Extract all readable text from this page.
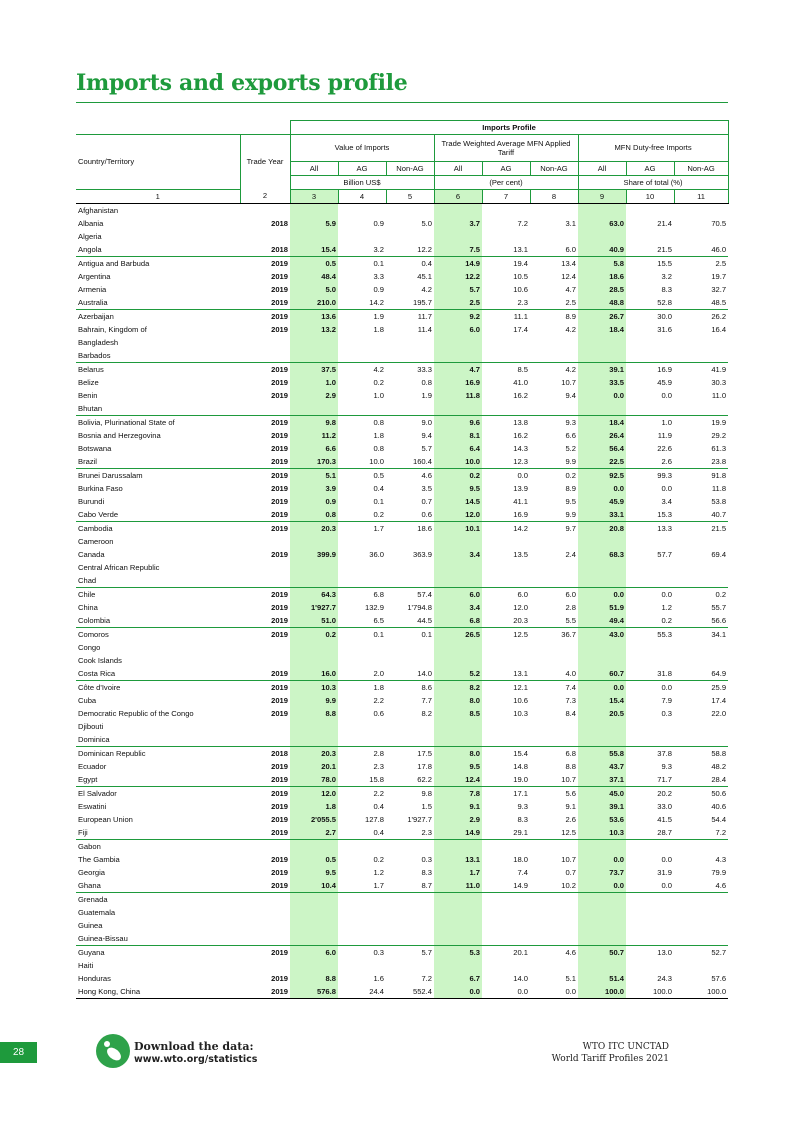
Imports and exports profile
		Imports Profile								
Country/Territory	Trade Year	Value of Imports			Trade Weighted Average MFN Applied Tariff			MFN Duty-free Imports		
		All	AG	Non-AG	All	AG	Non-AG	All	AG	Non-AG
		Billion US$			(Per cent)			Share of total (%)		
1	2	3	4	5	6	7	8	9	10	11
Afghanistan										
Albania	2018	5.9	0.9	5.0	3.7	7.2	3.1	63.0	21.4	70.5
Algeria										
Angola	2018	15.4	3.2	12.2	7.5	13.1	6.0	40.9	21.5	46.0
Antigua and Barbuda	2019	0.5	0.1	0.4	14.9	19.4	13.4	5.8	15.5	2.5
Argentina	2019	48.4	3.3	45.1	12.2	10.5	12.4	18.6	3.2	19.7
Armenia	2019	5.0	0.9	4.2	5.7	10.6	4.7	28.5	8.3	32.7
Australia	2019	210.0	14.2	195.7	2.5	2.3	2.5	48.8	52.8	48.5
Azerbaijan	2019	13.6	1.9	11.7	9.2	11.1	8.9	26.7	30.0	26.2
Bahrain, Kingdom of	2019	13.2	1.8	11.4	6.0	17.4	4.2	18.4	31.6	16.4
Bangladesh										
Barbados										
Belarus	2019	37.5	4.2	33.3	4.7	8.5	4.2	39.1	16.9	41.9
Belize	2019	1.0	0.2	0.8	16.9	41.0	10.7	33.5	45.9	30.3
Benin	2019	2.9	1.0	1.9	11.8	16.2	9.4	0.0	0.0	11.0
Bhutan										
Bolivia, Plurinational State of	2019	9.8	0.8	9.0	9.6	13.8	9.3	18.4	1.0	19.9
Bosnia and Herzegovina	2019	11.2	1.8	9.4	8.1	16.2	6.6	26.4	11.9	29.2
Botswana	2019	6.6	0.8	5.7	6.4	14.3	5.2	56.4	22.6	61.3
Brazil	2019	170.3	10.0	160.4	10.0	12.3	9.9	22.5	2.6	23.8
Brunei Darussalam	2019	5.1	0.5	4.6	0.2	0.0	0.2	92.5	99.3	91.8
Burkina Faso	2019	3.9	0.4	3.5	9.5	13.9	8.9	0.0	0.0	11.8
Burundi	2019	0.9	0.1	0.7	14.5	41.1	9.5	45.9	3.4	53.8
Cabo Verde	2019	0.8	0.2	0.6	12.0	16.9	9.9	33.1	15.3	40.7
Cambodia	2019	20.3	1.7	18.6	10.1	14.2	9.7	20.8	13.3	21.5
Cameroon										
Canada	2019	399.9	36.0	363.9	3.4	13.5	2.4	68.3	57.7	69.4
Central African Republic										
Chad										
Chile	2019	64.3	6.8	57.4	6.0	6.0	6.0	0.0	0.0	0.2
China	2019	1'927.7	132.9	1'794.8	3.4	12.0	2.8	51.9	1.2	55.7
Colombia	2019	51.0	6.5	44.5	6.8	20.3	5.5	49.4	0.2	56.6
Comoros	2019	0.2	0.1	0.1	26.5	12.5	36.7	43.0	55.3	34.1
Congo										
Cook Islands										
Costa Rica	2019	16.0	2.0	14.0	5.2	13.1	4.0	60.7	31.8	64.9
Côte d'Ivoire	2019	10.3	1.8	8.6	8.2	12.1	7.4	0.0	0.0	25.9
Cuba	2019	9.9	2.2	7.7	8.0	10.6	7.3	15.4	7.9	17.4
Democratic Republic of the Congo	2019	8.8	0.6	8.2	8.5	10.3	8.4	20.5	0.3	22.0
Djibouti										
Dominica										
Dominican Republic	2018	20.3	2.8	17.5	8.0	15.4	6.8	55.8	37.8	58.8
Ecuador	2019	20.1	2.3	17.8	9.5	14.8	8.8	43.7	9.3	48.2
Egypt	2019	78.0	15.8	62.2	12.4	19.0	10.7	37.1	71.7	28.4
El Salvador	2019	12.0	2.2	9.8	7.8	17.1	5.6	45.0	20.2	50.6
Eswatini	2019	1.8	0.4	1.5	9.1	9.3	9.1	39.1	33.0	40.6
European Union	2019	2'055.5	127.8	1'927.7	2.9	8.3	2.6	53.6	41.5	54.4
Fiji	2019	2.7	0.4	2.3	14.9	29.1	12.5	10.3	28.7	7.2
Gabon										
The Gambia	2019	0.5	0.2	0.3	13.1	18.0	10.7	0.0	0.0	4.3
Georgia	2019	9.5	1.2	8.3	1.7	7.4	0.7	73.7	31.9	79.9
Ghana	2019	10.4	1.7	8.7	11.0	14.9	10.2	0.0	0.0	4.6
Grenada										
Guatemala										
Guinea										
Guinea-Bissau										
Guyana	2019	6.0	0.3	5.7	5.3	20.1	4.6	50.7	13.0	52.7
Haiti										
Honduras	2019	8.8	1.6	7.2	6.7	14.0	5.1	51.4	24.3	57.6
Hong Kong, China	2019	576.8	24.4	552.4	0.0	0.0	0.0	100.0	100.0	100.0
28	Download the data:
www.wto.org/statistics
WTO ITC UNCTAD
World Tariff Profiles 2021
